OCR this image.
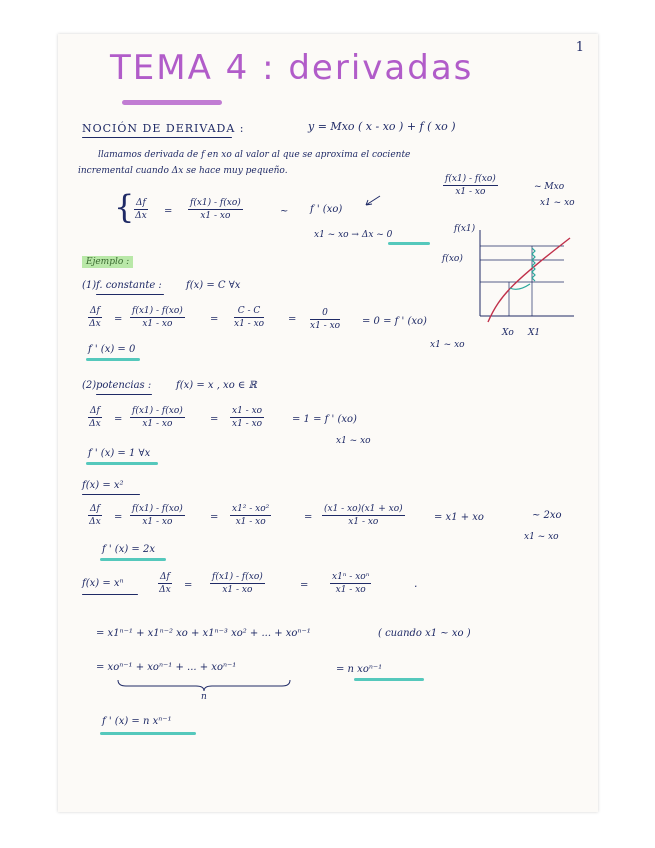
1
TEMA 4 : derivadas
NOCIÓN DE DERIVADA :	y = Mxo ( x - xo ) + f ( xo )
llamamos derivada de f en xo al valor al que se aproxima el cociente
incremental cuando Δx se hace muy pequeño.
{ $\frac{\Delta f}{\Delta x} = \frac{f(x1) - f(xo)}{x1 - xo}$	~ f ' (xo)
x1 ~ xo → Δx ~ 0
$\frac{f(x1) - f(xo)}{x1 - xo}$	~ Mxo
x1 ~ xo
f(x1)
f(xo)
Xo X1
Ejemplo :
(1) f. constante : f(x) = C ∀x
$\frac{\Delta f}{\Delta x} = \frac{f(x1) - f(xo)}{x1 - xo}$	= $\frac{C - C}{x1 - xo} = \frac{0}{x1 - xo} = 0 = f$ ' (xo)
x1 ~ xo
f ' (x) = 0
(2) potencias : f(x) = x , xo ∈ ℝ
$\frac{\Delta f}{\Delta x} = \frac{f(x1) - f(xo)}{x1 - xo}$	= $\frac{x1 - xo}{x1 - xo}$	= 1 = f ' (xo)
x1 ~ xo
f ' (x) = 1 ∀x
f(x) = x²
$\frac{\Delta f}{\Delta x} = \frac{f(x1) - f(xo)}{x1 - xo}$	= $\frac{\text{x1² - xo²}}{x1 - xo}$	= $\frac{(x1 - xo)(x1 + xo)}{x1 - xo}$	= x1 + xo	~ 2xo
x1 ~ xo
f ' (x) = 2x
f(x) = xⁿ	$\frac{\Delta f}{\Delta x} = \frac{f(x1) - f(xo)}{x1 - xo}$	=
x1ⁿ - xoⁿ
x1 - xo	·
= x1ⁿ⁻¹ + x1ⁿ⁻² xo + x1ⁿ⁻³ xo² + ... + xoⁿ⁻¹	( cuando x1 ~ xo )
= xoⁿ⁻¹ + xoⁿ⁻¹ + ... + xoⁿ⁻¹	= n xoⁿ⁻¹
n
f ' (x) = n xⁿ⁻¹
